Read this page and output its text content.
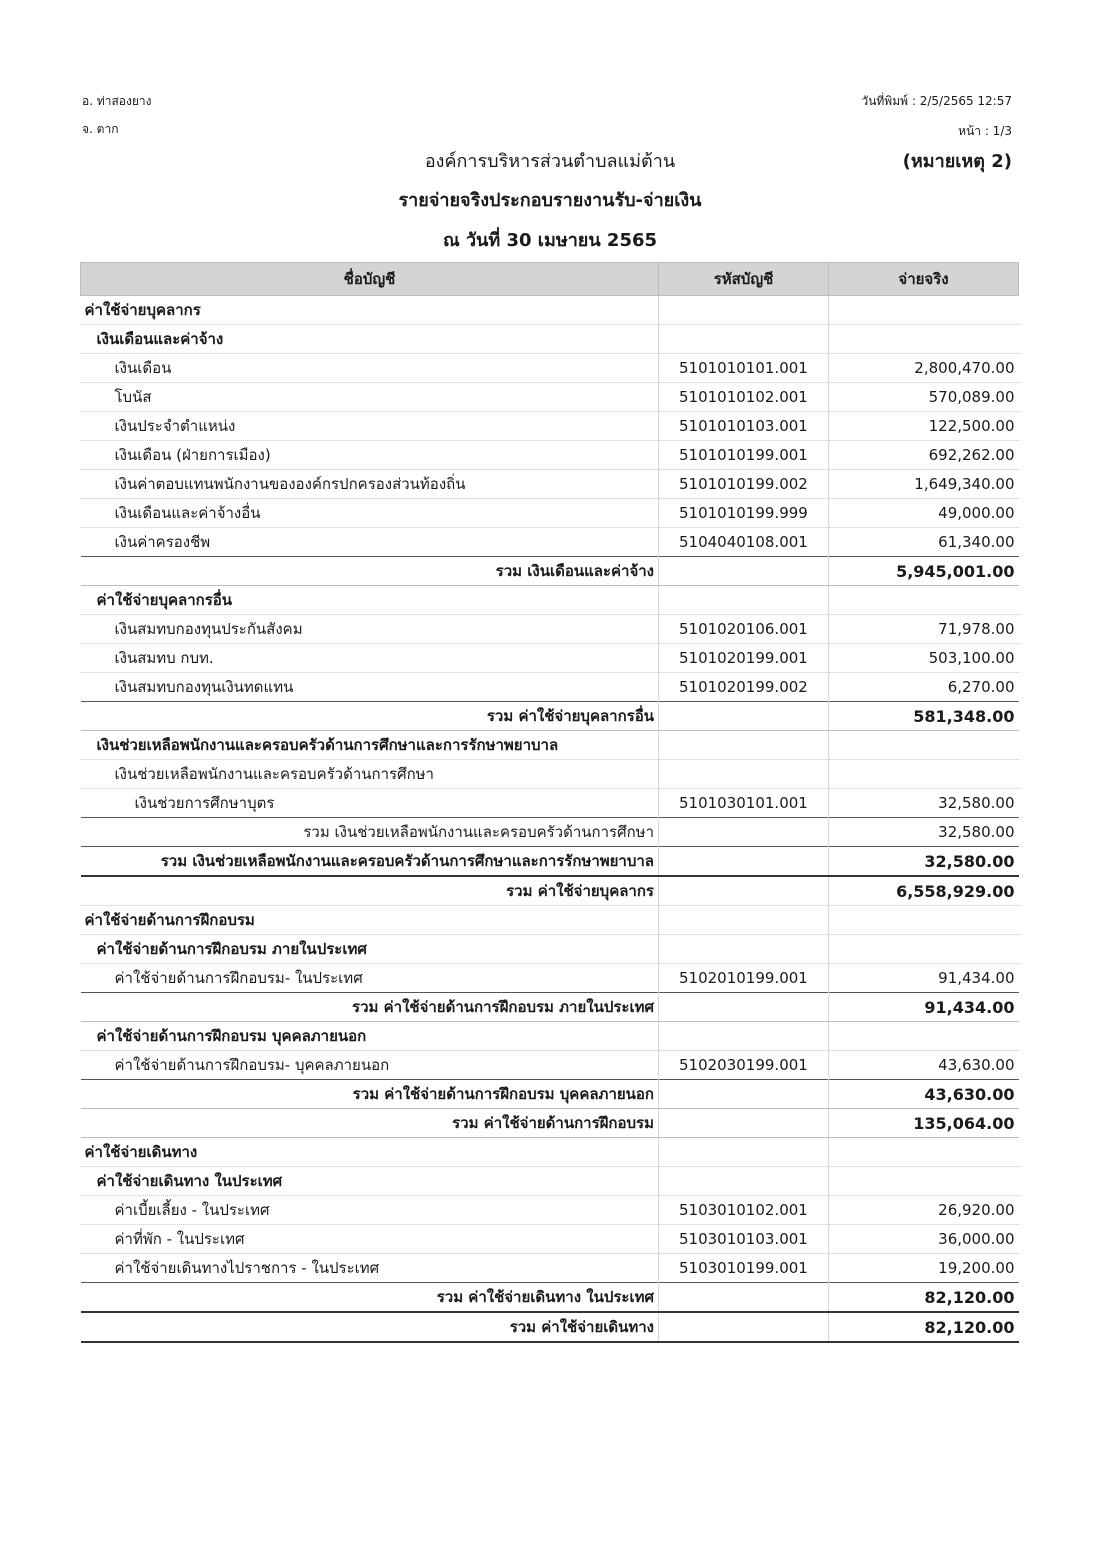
อ. ท่าสองยาง
จ. ตาก
วันที่พิมพ์ : 2/5/2565 12:57
หน้า : 1/3
องค์การบริหารส่วนตำบลแม่ต้าน	(หมายเหตุ 2)
รายจ่ายจริงประกอบรายงานรับ-จ่ายเงิน
ณ วันที่ 30 เมษายน 2565
ชื่อบัญชี	รหัสบัญชี	จ่ายจริง
ค่าใช้จ่ายบุคลากร		
เงินเดือนและค่าจ้าง		
เงินเดือน	5101010101.001	2,800,470.00
โบนัส	5101010102.001	570,089.00
เงินประจำตำแหน่ง	5101010103.001	122,500.00
เงินเดือน (ฝ่ายการเมือง)	5101010199.001	692,262.00
เงินค่าตอบแทนพนักงานขององค์กรปกครองส่วนท้องถิ่น	5101010199.002	1,649,340.00
เงินเดือนและค่าจ้างอื่น	5101010199.999	49,000.00
เงินค่าครองชีพ	5104040108.001	61,340.00
รวม เงินเดือนและค่าจ้าง		5,945,001.00
ค่าใช้จ่ายบุคลากรอื่น		
เงินสมทบกองทุนประกันสังคม	5101020106.001	71,978.00
เงินสมทบ กบท.	5101020199.001	503,100.00
เงินสมทบกองทุนเงินทดแทน	5101020199.002	6,270.00
รวม ค่าใช้จ่ายบุคลากรอื่น		581,348.00
เงินช่วยเหลือพนักงานและครอบครัวด้านการศึกษาและการรักษาพยาบาล		
เงินช่วยเหลือพนักงานและครอบครัวด้านการศึกษา		
เงินช่วยการศึกษาบุตร	5101030101.001	32,580.00
รวม เงินช่วยเหลือพนักงานและครอบครัวด้านการศึกษา		32,580.00
รวม เงินช่วยเหลือพนักงานและครอบครัวด้านการศึกษาและการรักษาพยาบาล		32,580.00
รวม ค่าใช้จ่ายบุคลากร		6,558,929.00
ค่าใช้จ่ายด้านการฝึกอบรม		
ค่าใช้จ่ายด้านการฝึกอบรม ภายในประเทศ		
ค่าใช้จ่ายด้านการฝึกอบรม- ในประเทศ	5102010199.001	91,434.00
รวม ค่าใช้จ่ายด้านการฝึกอบรม ภายในประเทศ		91,434.00
ค่าใช้จ่ายด้านการฝึกอบรม บุคคลภายนอก		
ค่าใช้จ่ายด้านการฝึกอบรม- บุคคลภายนอก	5102030199.001	43,630.00
รวม ค่าใช้จ่ายด้านการฝึกอบรม บุคคลภายนอก		43,630.00
รวม ค่าใช้จ่ายด้านการฝึกอบรม		135,064.00
ค่าใช้จ่ายเดินทาง		
ค่าใช้จ่ายเดินทาง ในประเทศ		
ค่าเบี้ยเลี้ยง - ในประเทศ	5103010102.001	26,920.00
ค่าที่พัก - ในประเทศ	5103010103.001	36,000.00
ค่าใช้จ่ายเดินทางไปราชการ - ในประเทศ	5103010199.001	19,200.00
รวม ค่าใช้จ่ายเดินทาง ในประเทศ		82,120.00
รวม ค่าใช้จ่ายเดินทาง		82,120.00
